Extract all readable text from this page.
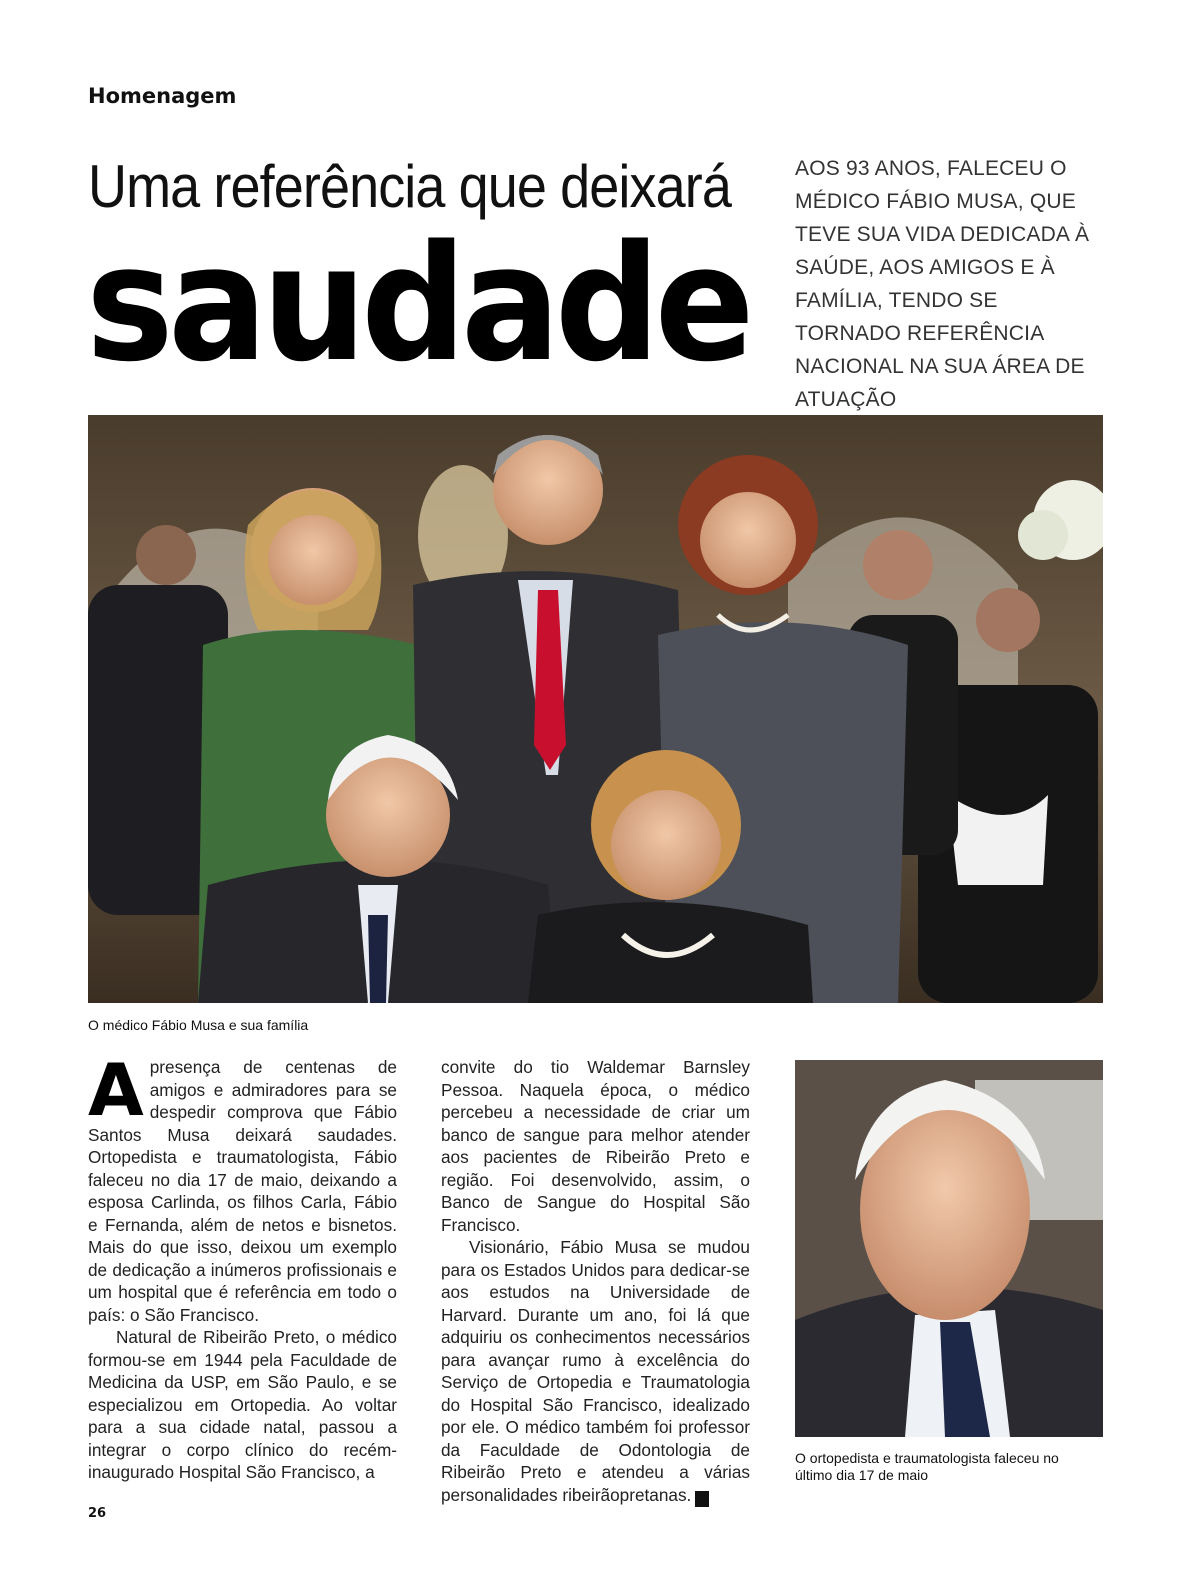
Homenagem
Uma referência que deixará
saudade
AOS 93 ANOS, FALECEU O MÉDICO FÁBIO MUSA, QUE TEVE SUA VIDA DEDICADA À SAÚDE, AOS AMIGOS E À FAMÍLIA, TENDO SE TORNADO REFERÊNCIA NACIONAL NA SUA ÁREA DE ATUAÇÃO
O médico Fábio Musa e sua família

Apresença de centenas de amigos e admiradores para se despedir comprova que Fábio Santos Musa deixará saudades. Ortopedista e traumatologista, Fábio faleceu no dia 17 de maio, deixando a esposa Carlinda, os filhos Carla, Fábio e Fernanda, além de netos e bisnetos. Mais do que isso, deixou um exemplo de dedicação a inúmeros profissionais e um hospital que é referência em todo o país: o São Francisco.

Natural de Ribeirão Preto, o médico formou-se em 1944 pela Faculdade de Medicina da USP, em São Paulo, e se especializou em Ortopedia. Ao voltar para a sua cidade natal, passou a integrar o corpo clínico do recém-inaugurado Hospital São Francisco, a

convite do tio Waldemar Barnsley Pessoa. Naquela época, o médico percebeu a necessidade de criar um banco de sangue para melhor atender aos pacientes de Ribeirão Preto e região. Foi desenvolvido, assim, o Banco de Sangue do Hospital São Francisco.

Visionário, Fábio Musa se mudou para os Estados Unidos para dedicar-se aos estudos na Universidade de Harvard. Durante um ano, foi lá que adquiriu os conhecimentos necessários para avançar rumo à excelência do Serviço de Ortopedia e Traumatologia do Hospital São Francisco, idealizado por ele. O médico também foi professor da Faculdade de Odontologia de Ribeirão Preto e atendeu a várias personalidades ribeirãopretanas.	r

O ortopedista e traumatologista faleceu no último dia 17 de maio
26
